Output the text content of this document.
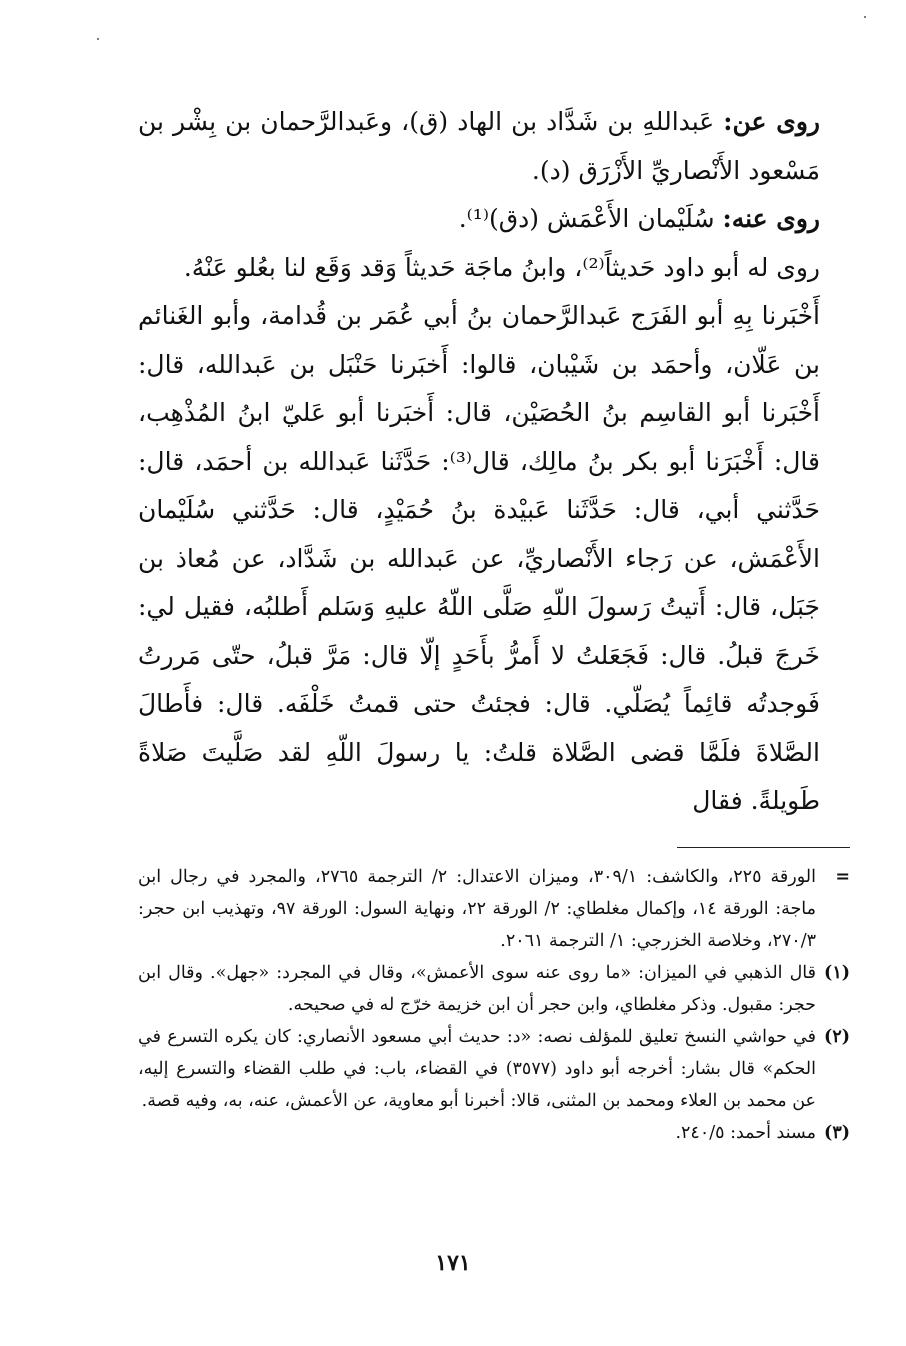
روى عن: عَبداللهِ بن شَدَّاد بن الهاد (ق)، وعَبدالرَّحمان بن بِشْر بن مَسْعود الأَنْصاريِّ الأَزْرَق (د).

روى عنه: سُلَيْمان الأَعْمَش (دق)⁽¹⁾.

روى له أبو داود حَديثاً⁽²⁾، وابنُ ماجَة حَديثاً وَقد وَقَع لنا بعُلو عَنْهُ.

أَخْبَرنا بِهِ أبو الفَرَج عَبدالرَّحمان بنُ أبي عُمَر بن قُدامة، وأبو الغَنائم بن عَلّان، وأحمَد بن شَيْبان، قالوا: أَخبَرنا حَنْبَل بن عَبدالله، قال: أَخْبَرنا أبو القاسِم بنُ الحُصَيْن، قال: أَخبَرنا أبو عَليّ ابنُ المُذْهِب، قال: أَخْبَرَنا أبو بكر بنُ مالِك، قال⁽³⁾: حَدَّثَنا عَبدالله بن أحمَد، قال: حَدَّثني أبي، قال: حَدَّثَنا عَبيْدة بنُ حُمَيْدٍ، قال: حَدَّثني سُلَيْمان الأَعْمَش، عن رَجاء الأَنْصاريِّ، عن عَبدالله بن شَدَّاد، عن مُعاذ بن جَبَل، قال: أَتيتُ رَسولَ اللّهِ صَلَّى اللّهُ عليهِ وَسَلم أَطلبُه، فقيل لي: خَرجَ قبلُ. قال: فَجَعَلتُ لا أَمرُّ بأَحَدٍ إلّا قال: مَرَّ قبلُ، حتّى مَررتُ فَوجدتُه قائِماً يُصَلّي. قال: فجئتُ حتى قمتُ خَلْفَه. قال: فأَطالَ الصَّلاةَ فلَمَّا قضى الصَّلاة قلتُ: يا رسولَ اللّهِ لقد صَلَّيتَ صَلاةً طَويلةً. فقال

=
الورقة ٢٢٥، والكاشف: ٣٠٩/١، وميزان الاعتدال: ٢/ الترجمة ٢٧٦٥، والمجرد في رجال ابن ماجة: الورقة ١٤، وإكمال مغلطاي: ٢/ الورقة ٢٢، ونهاية السول: الورقة ٩٧، وتهذيب ابن حجر: ٢٧٠/٣، وخلاصة الخزرجي: ١/ الترجمة ٢٠٦١.
(١)
قال الذهبي في الميزان: «ما روى عنه سوى الأعمش»، وقال في المجرد: «جهل». وقال ابن حجر: مقبول. وذكر مغلطاي، وابن حجر أن ابن خزيمة خرّج له في صحيحه.
(٢)
في حواشي النسخ تعليق للمؤلف نصه: «د: حديث أبي مسعود الأنصاري: كان يكره التسرع في الحكم» قال بشار: أخرجه أبو داود (٣٥٧٧) في القضاء، باب: في طلب القضاء والتسرع إليه، عن محمد بن العلاء ومحمد بن المثنى، قالا: أخبرنا أبو معاوية، عن الأعمش، عنه، به، وفيه قصة.
(٣)
مسند أحمد: ٢٤٠/٥.
١٧١
